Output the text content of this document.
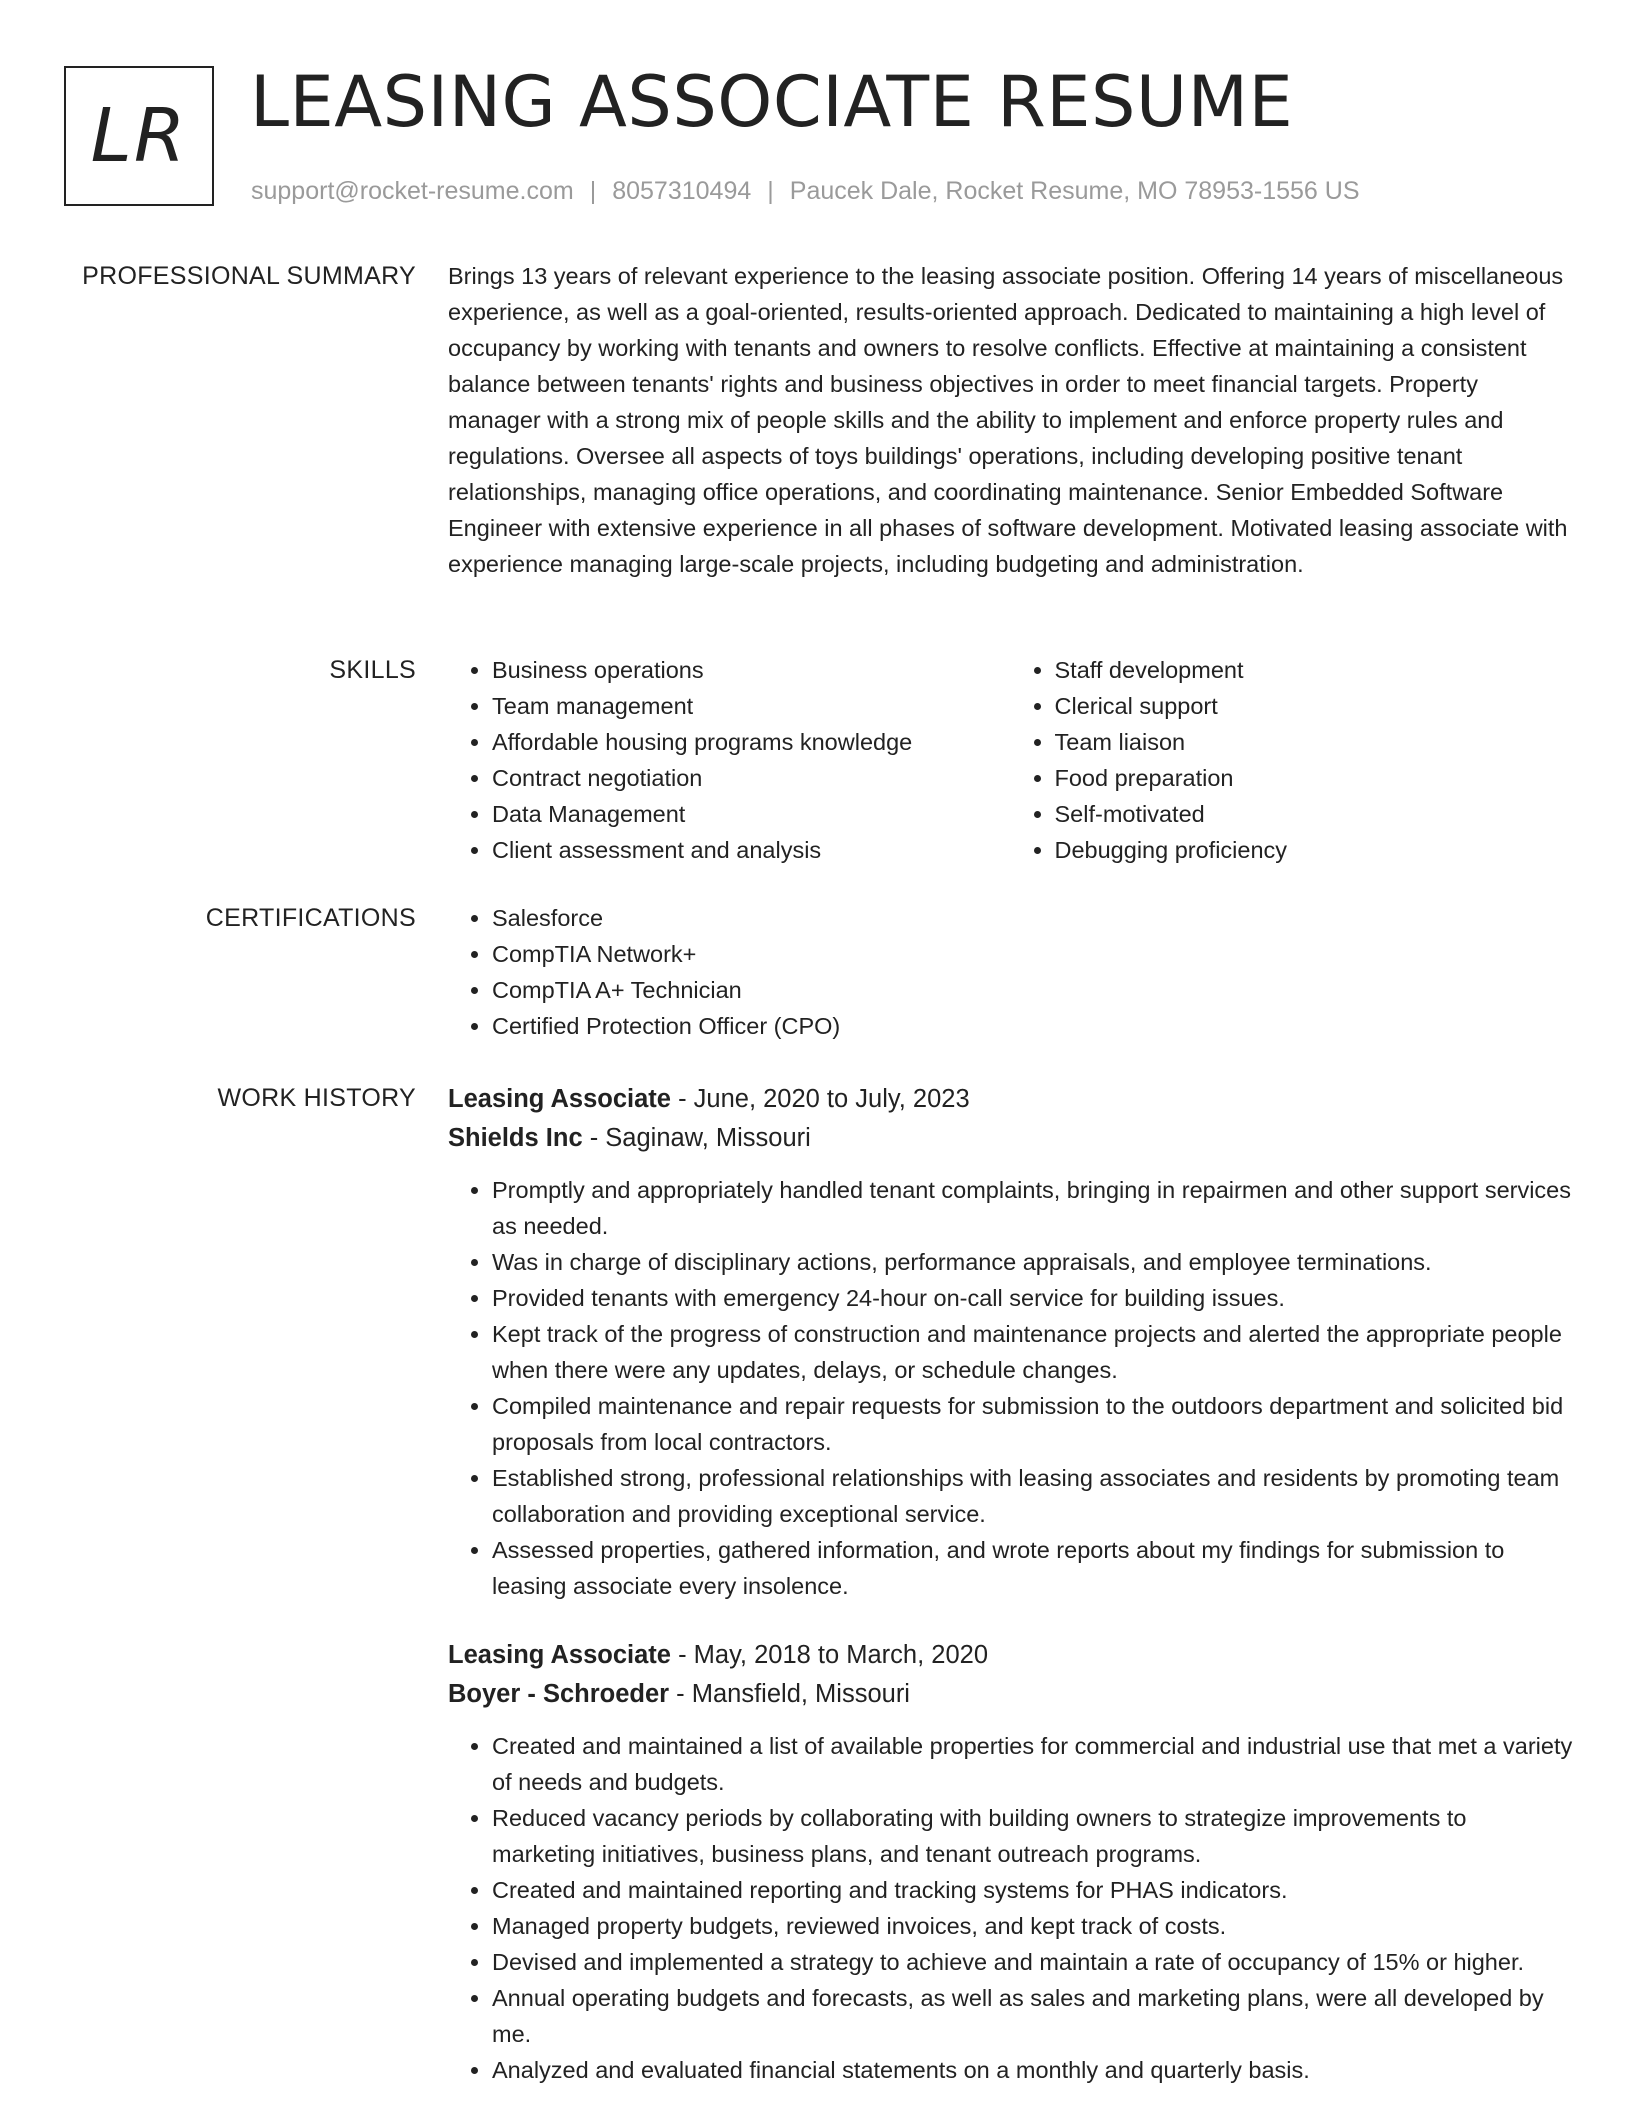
LR LEASING ASSOCIATE RESUME
support@rocket-resume.com | 8057310494 | Paucek Dale, Rocket Resume, MO 78953-1556 US
PROFESSIONAL SUMMARY Brings 13 years of relevant experience to the leasing associate position. Offering 14 years of miscellaneous experience, as well as a goal-oriented, results-oriented approach. Dedicated to maintaining a high level of occupancy by working with tenants and owners to resolve conflicts. Effective at maintaining a consistent balance between tenants' rights and business objectives in order to meet financial targets. Property manager with a strong mix of people skills and the ability to implement and enforce property rules and regulations. Oversee all aspects of toys buildings' operations, including developing positive tenant relationships, managing office operations, and coordinating maintenance. Senior Embedded Software Engineer with extensive experience in all phases of software development. Motivated leasing associate with experience managing large-scale projects, including budgeting and administration.

SKILLS	• Business operations
• Team management
• Affordable housing programs knowledge
• Contract negotiation
• Data Management
• Client assessment and analysis
• Staff development
• Clerical support
• Team liaison
• Food preparation
• Self-motivated
• Debugging proficiency
CERTIFICATIONS	• Salesforce
• CompTIA Network+
• CompTIA A+ Technician
• Certified Protection Officer (CPO)
WORK HISTORY Leasing Associate - June, 2020 to July, 2023
Shields Inc - Saginaw, Missouri
• Promptly and appropriately handled tenant complaints, bringing in repairmen and other support services as needed.
• Was in charge of disciplinary actions, performance appraisals, and employee terminations.
• Provided tenants with emergency 24-hour on-call service for building issues.
• Kept track of the progress of construction and maintenance projects and alerted the appropriate people when there were any updates, delays, or schedule changes.
• Compiled maintenance and repair requests for submission to the outdoors department and solicited bid proposals from local contractors.
• Established strong, professional relationships with leasing associates and residents by promoting team collaboration and providing exceptional service.
• Assessed properties, gathered information, and wrote reports about my findings for submission to leasing associate every insolence.
Leasing Associate - May, 2018 to March, 2020
Boyer - Schroeder - Mansfield, Missouri
• Created and maintained a list of available properties for commercial and industrial use that met a variety of needs and budgets.
• Reduced vacancy periods by collaborating with building owners to strategize improvements to marketing initiatives, business plans, and tenant outreach programs.
• Created and maintained reporting and tracking systems for PHAS indicators.
• Managed property budgets, reviewed invoices, and kept track of costs.
• Devised and implemented a strategy to achieve and maintain a rate of occupancy of 15% or higher.
• Annual operating budgets and forecasts, as well as sales and marketing plans, were all developed by me.
• Analyzed and evaluated financial statements on a monthly and quarterly basis.
